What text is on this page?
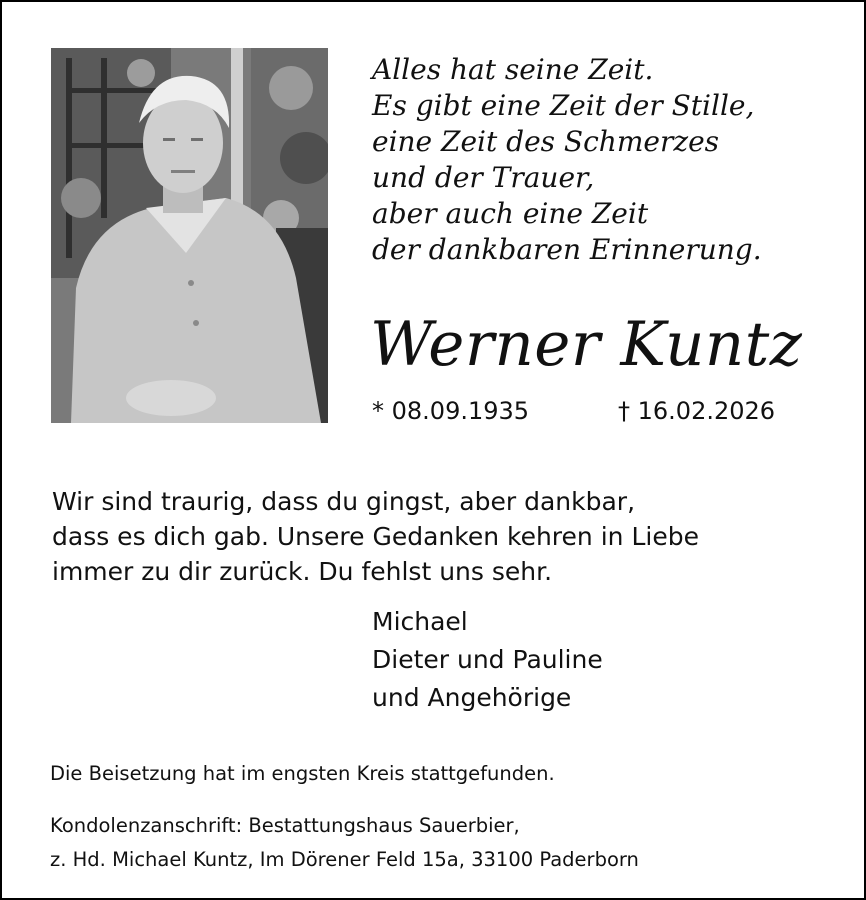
Alles hat seine Zeit.
Es gibt eine Zeit der Stille,
eine Zeit des Schmerzes
und der Trauer,
aber auch eine Zeit
der dankbaren Erinnerung.
Werner Kuntz
* 08.09.1935	† 16.02.2026
Wir sind traurig, dass du gingst, aber dankbar,
dass es dich gab. Unsere Gedanken kehren in Liebe
immer zu dir zurück. Du fehlst uns sehr.
Michael
Dieter und Pauline
und Angehörige
Die Beisetzung hat im engsten Kreis stattgefunden.
Kondolenzanschrift: Bestattungshaus Sauerbier,
z. Hd. Michael Kuntz, Im Dörener Feld 15a, 33100 Paderborn
